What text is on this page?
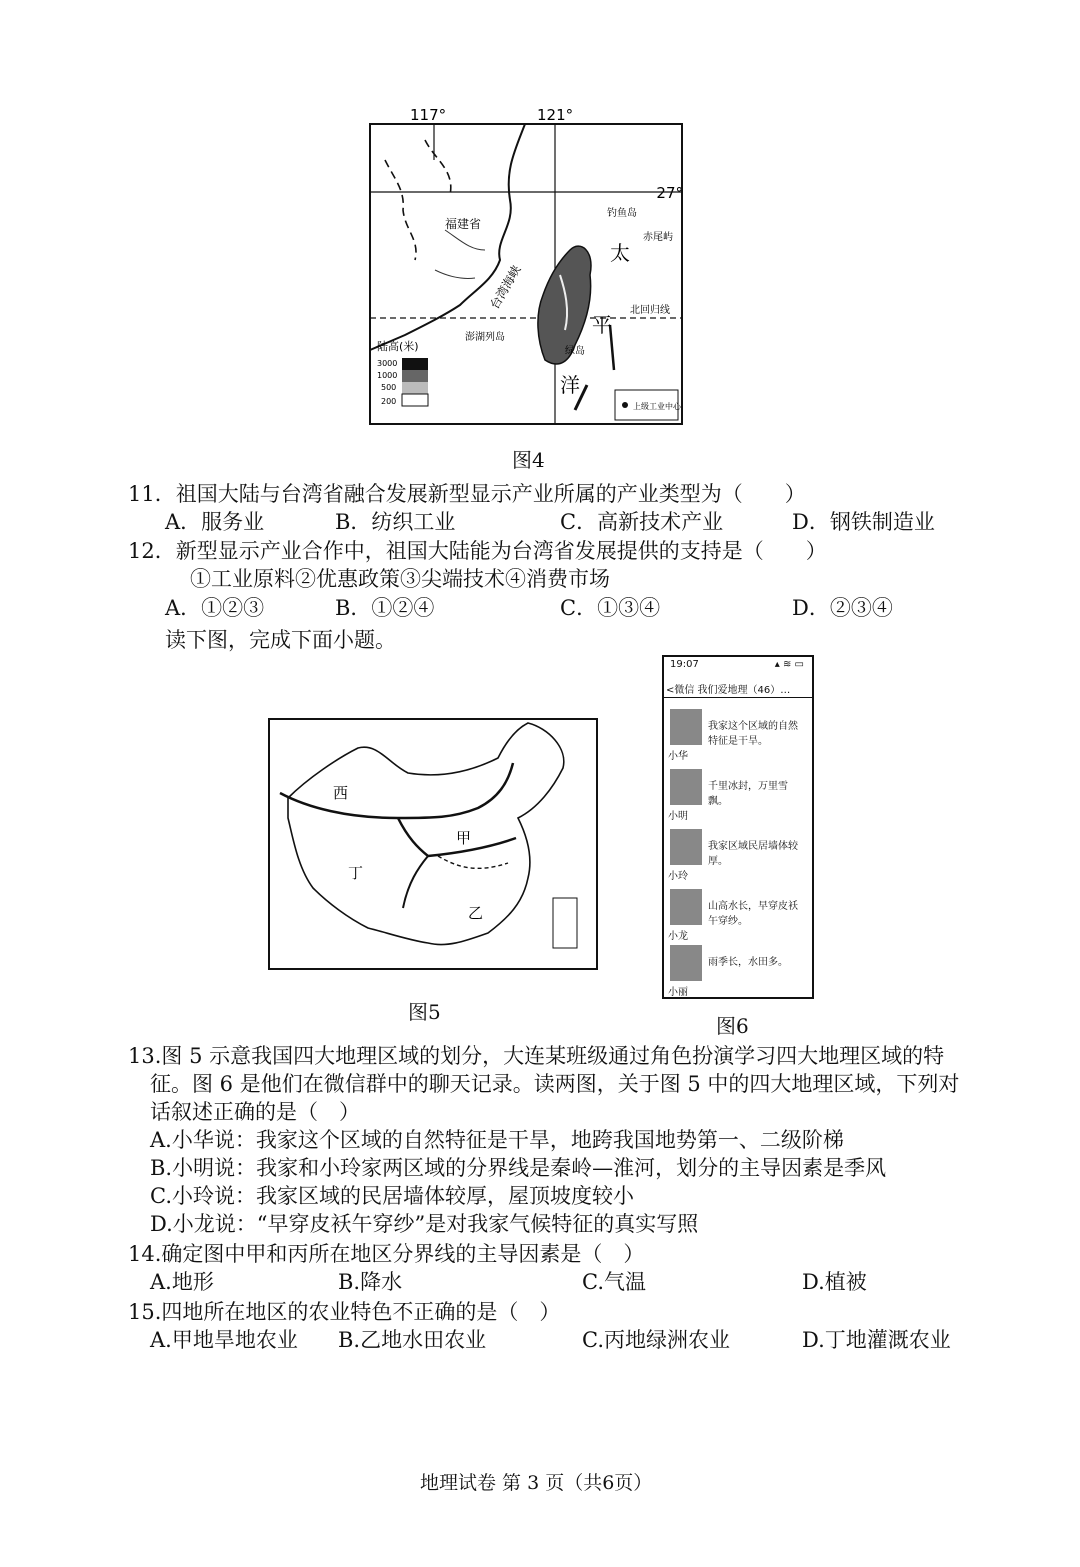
117°	121°
27°
福建省
台湾海峡
钓鱼岛
赤尾屿
北回归线
澎湖列岛
绿岛
太
平
洋
陆高(米)
3000
1000
500
200
上级工业中心
图4
11．祖国大陆与台湾省融合发展新型显示产业所属的产业类型为（　　）
A．服务业	B．纺织工业	C．高新技术产业	D．钢铁制造业
12．新型显示产业合作中，祖国大陆能为台湾省发展提供的支持是（　　）
①工业原料②优惠政策③尖端技术④消费市场
A．①②③	B．①②④	C．①③④	D．②③④
读下图，完成下面小题。
西
甲
丁
乙
图5
19:07	▴ ≋ ▭
<微信 我们爱地理（46）…
小华
我家这个区域的自然特征是干旱。
小明
千里冰封，万里雪飘。
小玲
我家区域民居墙体较厚。
小龙
山高水长，早穿皮袄午穿纱。
小丽
雨季长，水田多。
图6
13.图 5 示意我国四大地理区域的划分，大连某班级通过角色扮演学习四大地理区域的特
征。图 6 是他们在微信群中的聊天记录。读两图，关于图 5 中的四大地理区域，下列对
话叙述正确的是（　）
A.小华说：我家这个区域的自然特征是干旱，地跨我国地势第一、二级阶梯
B.小明说：我家和小玲家两区域的分界线是秦岭—淮河，划分的主导因素是季风
C.小玲说：我家区域的民居墙体较厚，屋顶坡度较小
D.小龙说：“早穿皮袄午穿纱”是对我家气候特征的真实写照
14.确定图中甲和丙所在地区分界线的主导因素是（　）
A.地形	B.降水	C.气温	D.植被
15.四地所在地区的农业特色不正确的是（　）
A.甲地旱地农业 B.乙地水田农业	C.丙地绿洲农业	D.丁地灌溉农业
地理试卷 第 3 页（共6页）
